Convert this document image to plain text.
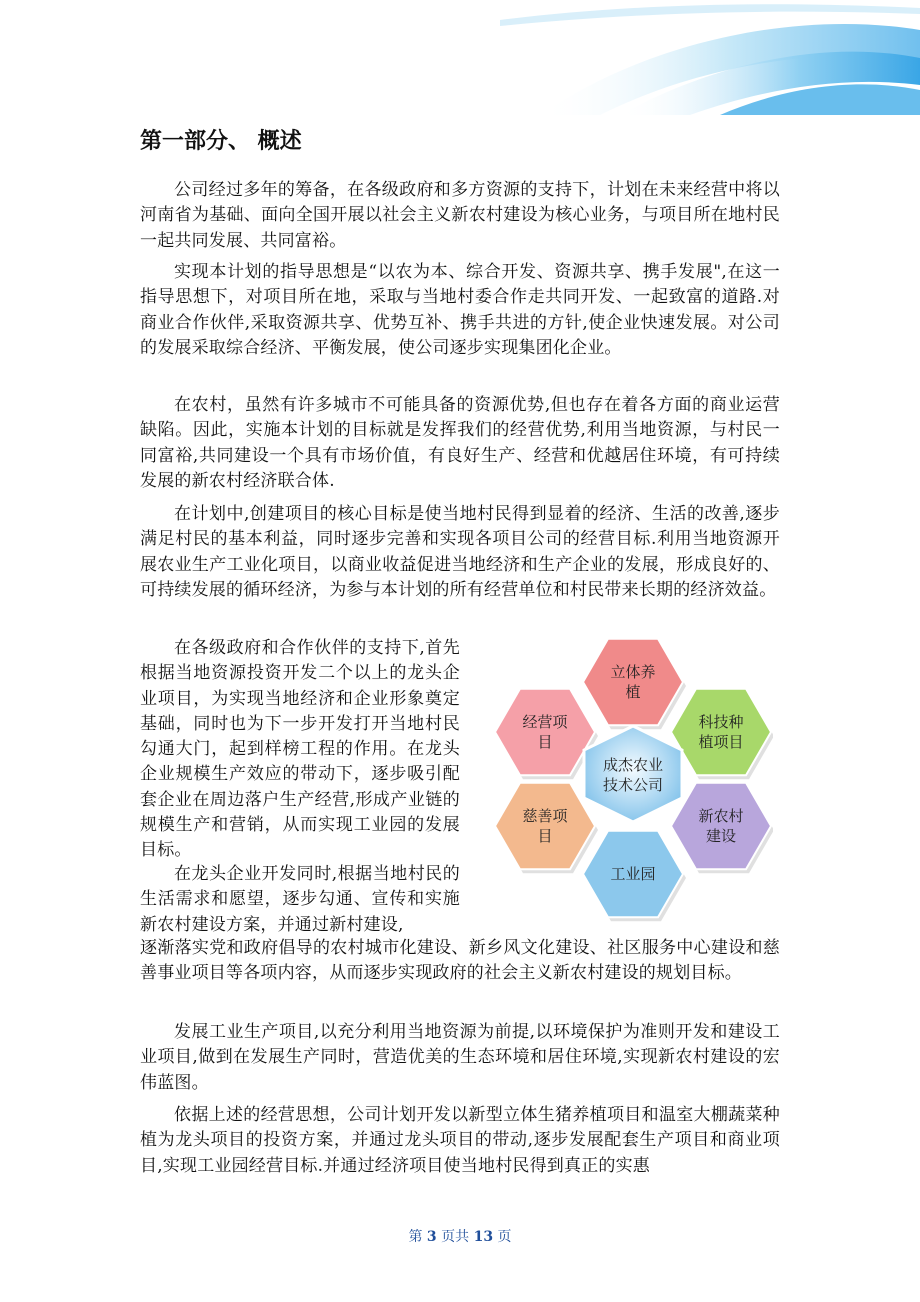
第一部分、 概述

公司经过多年的筹备，在各级政府和多方资源的支持下，计划在未来经营中将以河南省为基础、面向全国开展以社会主义新农村建设为核心业务，与项目所在地村民一起共同发展、共同富裕。

实现本计划的指导思想是“以农为本、综合开发、资源共享、携手发展",在这一指导思想下，对项目所在地，采取与当地村委合作走共同开发、一起致富的道路.对商业合作伙伴,采取资源共享、优势互补、携手共进的方针,使企业快速发展。对公司的发展采取综合经济、平衡发展，使公司逐步实现集团化企业。

在农村，虽然有许多城市不可能具备的资源优势,但也存在着各方面的商业运营缺陷。因此，实施本计划的目标就是发挥我们的经营优势,利用当地资源，与村民一同富裕,共同建设一个具有市场价值，有良好生产、经营和优越居住环境，有可持续发展的新农村经济联合体.

在计划中,创建项目的核心目标是使当地村民得到显着的经济、生活的改善,逐步满足村民的基本利益，同时逐步完善和实现各项目公司的经营目标.利用当地资源开展农业生产工业化项目，以商业收益促进当地经济和生产企业的发展，形成良好的、可持续发展的循环经济，为参与本计划的所有经营单位和村民带来长期的经济效益。

在各级政府和合作伙伴的支持下,首先根据当地资源投资开发二个以上的龙头企业项目，为实现当地经济和企业形象奠定基础，同时也为下一步开发打开当地村民勾通大门，起到样榜工程的作用。在龙头企业规模生产效应的带动下，逐步吸引配套企业在周边落户生产经营,形成产业链的规模生产和营销，从而实现工业园的发展目标。

在龙头企业开发同时,根据当地村民的生活需求和愿望，逐步勾通、宣传和实施新农村建设方案，并通过新村建设,

逐渐落实党和政府倡导的农村城市化建设、新乡风文化建设、社区服务中心建设和慈善事业项目等各项内容，从而逐步实现政府的社会主义新农村建设的规划目标。

发展工业生产项目,以充分利用当地资源为前提,以环境保护为准则开发和建设工业项目,做到在发展生产同时，营造优美的生态环境和居住环境,实现新农村建设的宏伟蓝图。

依据上述的经营思想，公司计划开发以新型立体生猪养植项目和温室大棚蔬菜种植为龙头项目的投资方案，并通过龙头项目的带动,逐步发展配套生产项目和商业项目,实现工业园经营目标.并通过经济项目使当地村民得到真正的实惠

立体养
植
科技种
植项目
新农村
建设
工业园
慈善项
目
经营项
目
成杰农业
技术公司
第 3 页共 13 页
